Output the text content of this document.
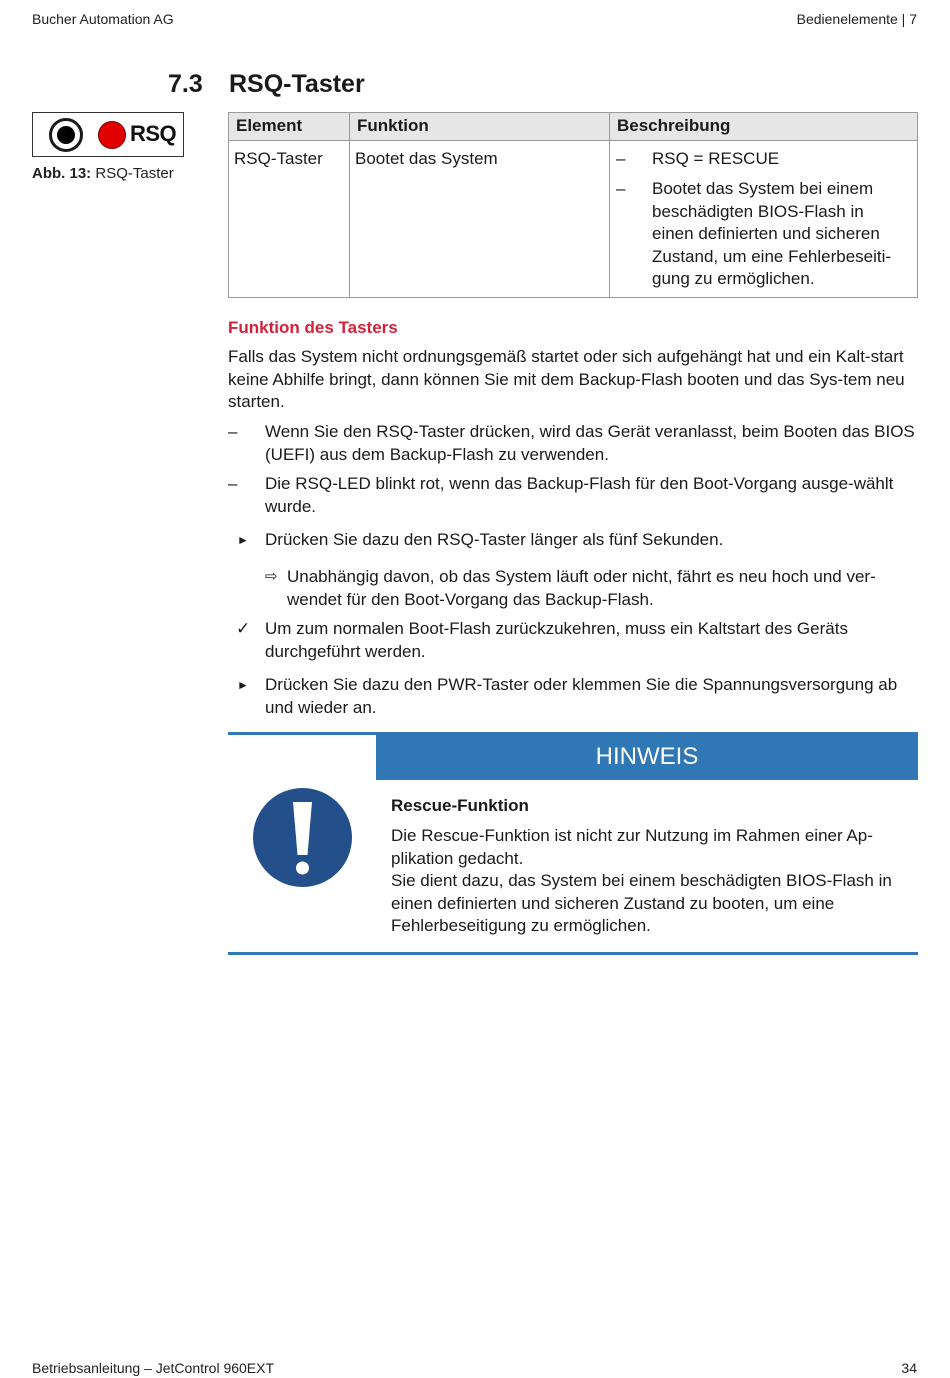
Bucher Automation AG	Bedienelemente | 7
7.3 RSQ-Taster
RSQ
Abb. 13: RSQ-Taster
Element	Funktion	Beschreibung
RSQ-Taster	Bootet das System	– RSQ = RESCUE
– Bootet das System bei einem beschädigten BIOS-Flash in einen definierten und sicheren Zustand, um eine Fehlerbeseiti-gung zu ermöglichen.
Funktion des Tasters
Falls das System nicht ordnungsgemäß startet oder sich aufgehängt hat und ein Kalt-start keine Abhilfe bringt, dann können Sie mit dem Backup-Flash booten und das Sys-tem neu starten.
–	Wenn Sie den RSQ-Taster drücken, wird das Gerät veranlasst, beim Booten das BIOS (UEFI) aus dem Backup-Flash zu verwenden.
–	Die RSQ-LED blinkt rot, wenn das Backup-Flash für den Boot-Vorgang ausge-wählt wurde.
► Drücken Sie dazu den RSQ-Taster länger als fünf Sekunden.
⇨ Unabhängig davon, ob das System läuft oder nicht, fährt es neu hoch und ver-wendet für den Boot-Vorgang das Backup-Flash.
✓ Um zum normalen Boot-Flash zurückzukehren, muss ein Kaltstart des Geräts durchgeführt werden.
► Drücken Sie dazu den PWR-Taster oder klemmen Sie die Spannungsversorgung ab und wieder an.
HINWEIS
Rescue-Funktion
Die Rescue-Funktion ist nicht zur Nutzung im Rahmen einer Ap-plikation gedacht.
Sie dient dazu, das System bei einem beschädigten BIOS-Flash in einen definierten und sicheren Zustand zu booten, um eine Fehlerbeseitigung zu ermöglichen.
Betriebsanleitung – JetControl 960EXT	34
